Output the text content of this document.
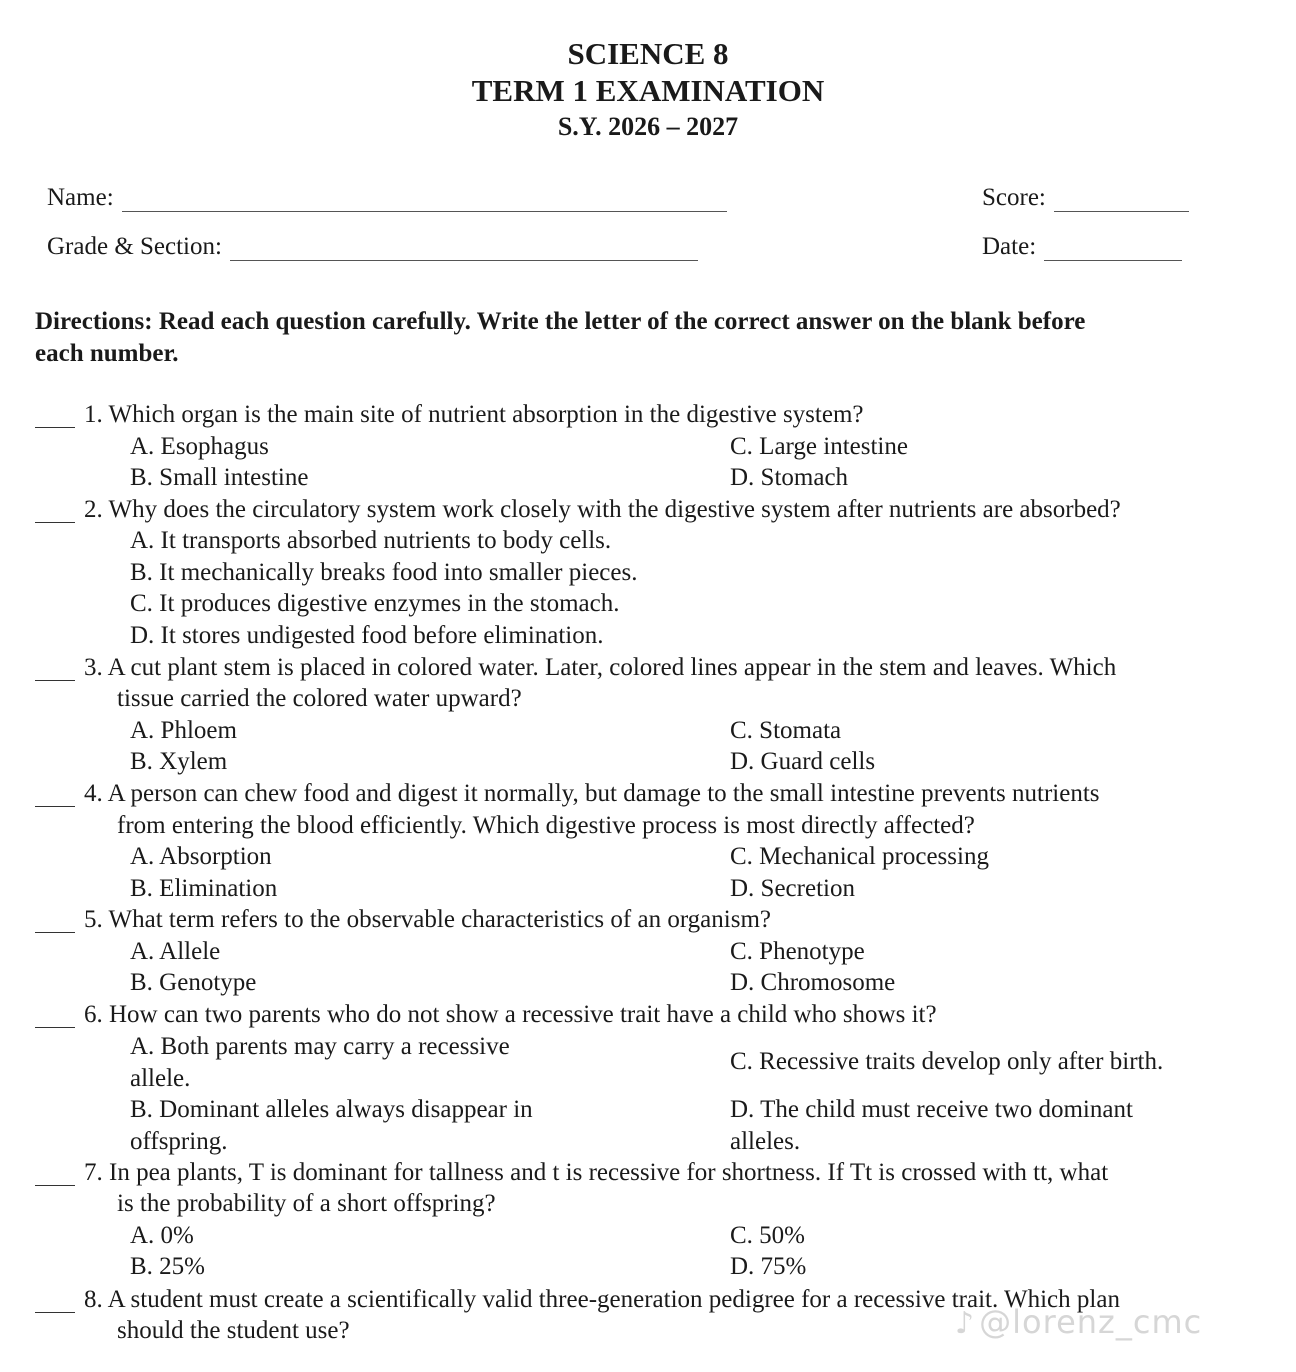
SCIENCE 8
TERM 1 EXAMINATION
S.Y. 2026 – 2027
Name:	Score:
Grade & Section:	Date:
Directions: Read each question carefully. Write the letter of the correct answer on the blank before
each number.
1. Which organ is the main site of nutrient absorption in the digestive system?
A. Esophagus
B. Small intestine
C. Large intestine
D. Stomach
2. Why does the circulatory system work closely with the digestive system after nutrients are absorbed?
A. It transports absorbed nutrients to body cells.
B. It mechanically breaks food into smaller pieces.
C. It produces digestive enzymes in the stomach.
D. It stores undigested food before elimination.
3. A cut plant stem is placed in colored water. Later, colored lines appear in the stem and leaves. Which
tissue carried the colored water upward?
A. Phloem
B. Xylem
C. Stomata
D. Guard cells
4. A person can chew food and digest it normally, but damage to the small intestine prevents nutrients
from entering the blood efficiently. Which digestive process is most directly affected?
A. Absorption
B. Elimination
C. Mechanical processing
D. Secretion
5. What term refers to the observable characteristics of an organism?
A. Allele
B. Genotype
C. Phenotype
D. Chromosome
6. How can two parents who do not show a recessive trait have a child who shows it?
A. Both parents may carry a recessive allele.
B. Dominant alleles always disappear in offspring.
C. Recessive traits develop only after birth.
D. The child must receive two dominant alleles.
7. In pea plants, T is dominant for tallness and t is recessive for shortness. If Tt is crossed with tt, what
is the probability of a short offspring?
A. 0%
B. 25%
C. 50%
D. 75%
8. A student must create a scientifically valid three-generation pedigree for a recessive trait. Which plan
should the student use?	♪ @lorenz_cmc
